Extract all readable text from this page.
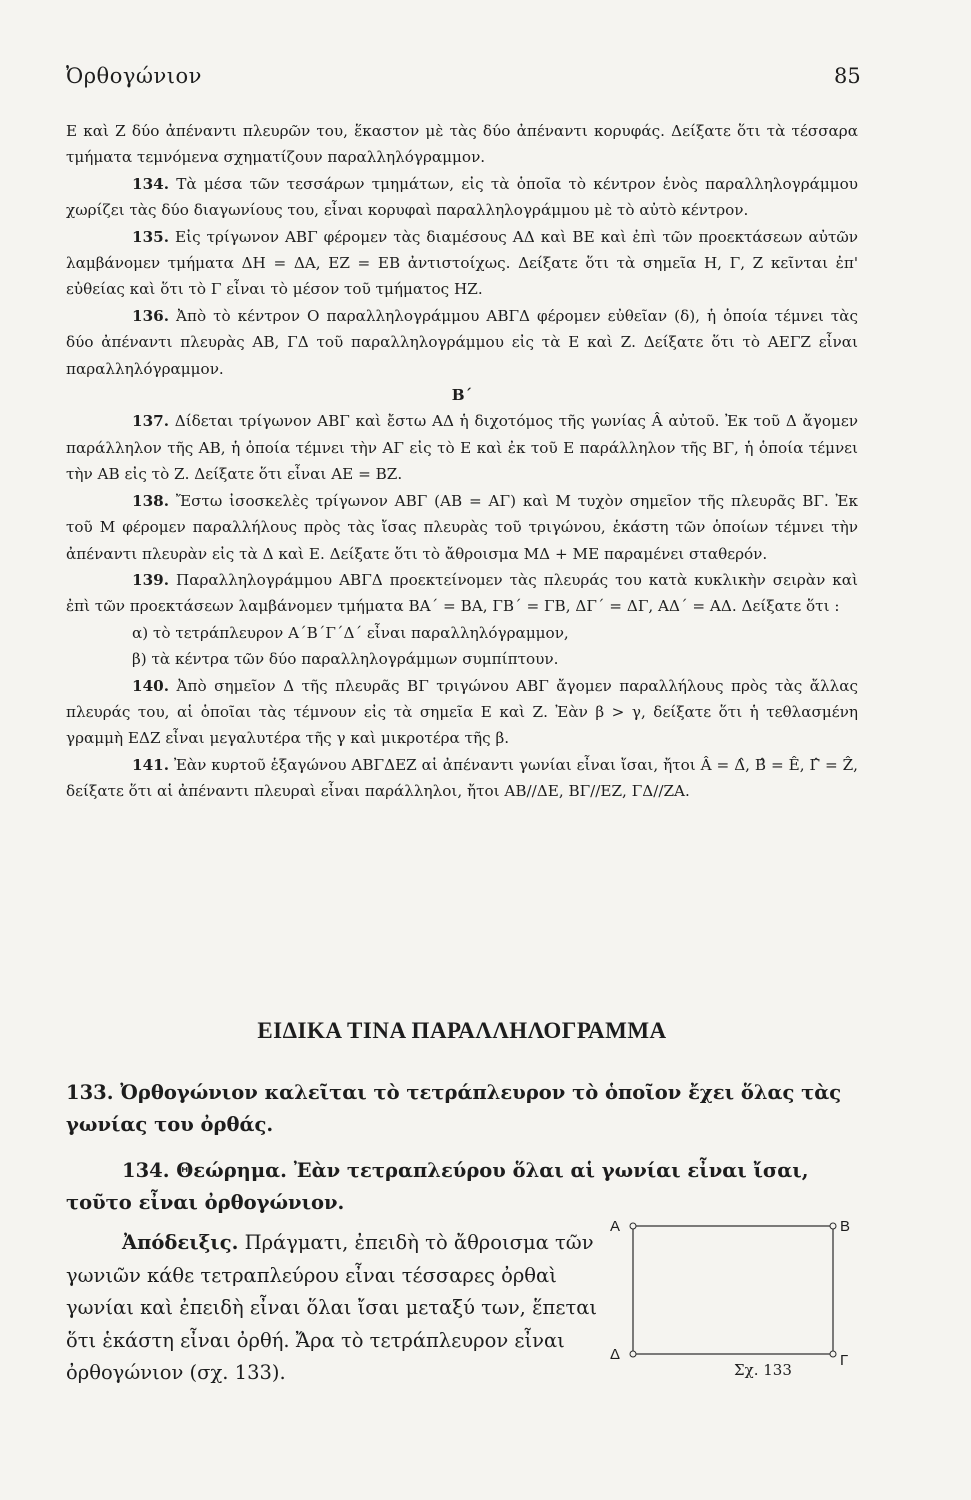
Ὀρθογώνιον	85

Ε καὶ Ζ δύο ἀπέναντι πλευρῶν του, ἕκαστον μὲ τὰς δύο ἀπέναντι κορυφάς. Δείξατε ὅτι τὰ τέσσαρα τμήματα τεμνόμενα σχηματίζουν παραλληλόγραμμον.

134. Τὰ μέσα τῶν τεσσάρων τμημάτων, εἰς τὰ ὁποῖα τὸ κέντρον ἑνὸς παραλληλογράμμου χωρίζει τὰς δύο διαγωνίους του, εἶναι κορυφαὶ παραλληλογράμμου μὲ τὸ αὐτὸ κέντρον.

135. Εἰς τρίγωνον ΑΒΓ φέρομεν τὰς διαμέσους ΑΔ καὶ ΒΕ καὶ ἐπὶ τῶν προεκτάσεων αὐτῶν λαμβάνομεν τμήματα ΔΗ = ΔΑ, ΕΖ = ΕΒ ἀντιστοίχως. Δείξατε ὅτι τὰ σημεῖα Η, Γ, Ζ κεῖνται ἐπ' εὐθείας καὶ ὅτι τὸ Γ εἶναι τὸ μέσον τοῦ τμήματος ΗΖ.

136. Ἀπὸ τὸ κέντρον Ο παραλληλογράμμου ΑΒΓΔ φέρομεν εὐθεῖαν (δ), ἡ ὁποία τέμνει τὰς δύο ἀπέναντι πλευρὰς ΑΒ, ΓΔ τοῦ παραλληλογράμμου εἰς τὰ Ε καὶ Ζ. Δείξατε ὅτι τὸ ΑΕΓΖ εἶναι παραλληλόγραμμον.

Β΄

137. Δίδεται τρίγωνον ΑΒΓ καὶ ἔστω ΑΔ ἡ διχοτόμος τῆς γωνίας Â αὐτοῦ. Ἐκ τοῦ Δ ἄγομεν παράλληλον τῆς ΑΒ, ἡ ὁποία τέμνει τὴν ΑΓ εἰς τὸ Ε καὶ ἐκ τοῦ Ε παράλληλον τῆς ΒΓ, ἡ ὁποία τέμνει τὴν ΑΒ εἰς τὸ Ζ. Δείξατε ὅτι εἶναι ΑΕ = ΒΖ.

138. Ἔστω ἰσοσκελὲς τρίγωνον ΑΒΓ (ΑΒ = ΑΓ) καὶ Μ τυχὸν σημεῖον τῆς πλευρᾶς ΒΓ. Ἐκ τοῦ Μ φέρομεν παραλλήλους πρὸς τὰς ἴσας πλευρὰς τοῦ τριγώνου, ἑκάστη τῶν ὁποίων τέμνει τὴν ἀπέναντι πλευρὰν εἰς τὰ Δ καὶ Ε. Δείξατε ὅτι τὸ ἄθροισμα ΜΔ + ΜΕ παραμένει σταθερόν.

139. Παραλληλογράμμου ΑΒΓΔ προεκτείνομεν τὰς πλευράς του κατὰ κυκλικὴν σειρὰν καὶ ἐπὶ τῶν προεκτάσεων λαμβάνομεν τμήματα ΒΑ΄ = ΒΑ, ΓΒ΄ = ΓΒ, ΔΓ΄ = ΔΓ, ΑΔ΄ = ΑΔ. Δείξατε ὅτι :

α) τὸ τετράπλευρον Α΄Β΄Γ΄Δ΄ εἶναι παραλληλόγραμμον,

β) τὰ κέντρα τῶν δύο παραλληλογράμμων συμπίπτουν.

140. Ἀπὸ σημεῖον Δ τῆς πλευρᾶς ΒΓ τριγώνου ΑΒΓ ἄγομεν παραλλήλους πρὸς τὰς ἄλλας πλευράς του, αἱ ὁποῖαι τὰς τέμνουν εἰς τὰ σημεῖα Ε καὶ Ζ. Ἐὰν β > γ, δείξατε ὅτι ἡ τεθλασμένη γραμμὴ ΕΔΖ εἶναι μεγαλυτέρα τῆς γ καὶ μικροτέρα τῆς β.

141. Ἐὰν κυρτοῦ ἑξαγώνου ΑΒΓΔΕΖ αἱ ἀπέναντι γωνίαι εἶναι ἴσαι, ἤτοι Â = Δ̂, Β̂ = Ê, Γ̂ = Ẑ, δείξατε ὅτι αἱ ἀπέναντι πλευραὶ εἶναι παράλληλοι, ἤτοι ΑΒ//ΔΕ, ΒΓ//ΕΖ, ΓΔ//ΖΑ.

ΕΙΔΙΚΑ ΤΙΝΑ ΠΑΡΑΛΛΗΛΟΓΡΑΜΜΑ
133. Ὀρθογώνιον καλεῖται τὸ τετράπλευρον τὸ ὁποῖον ἔχει ὅλας τὰς γωνίας του ὀρθάς.
134. Θεώρημα. Ἐὰν τετραπλεύρου ὅλαι αἱ γωνίαι εἶναι ἴσαι, τοῦτο εἶναι ὀρθογώνιον.
Ἀπόδειξις. Πράγματι, ἐπειδὴ τὸ ἄθροισμα τῶν γωνιῶν κάθε τετραπλεύρου εἶναι τέσσαρες ὀρθαὶ γωνίαι καὶ ἐπειδὴ εἶναι ὅλαι ἴσαι μεταξύ των, ἕπεται ὅτι ἑκάστη εἶναι ὀρθή. Ἄρα τὸ τετράπλευρον εἶναι ὀρθογώνιον (σχ. 133).
Α	Β
Γ
Δ
Σχ. 133
